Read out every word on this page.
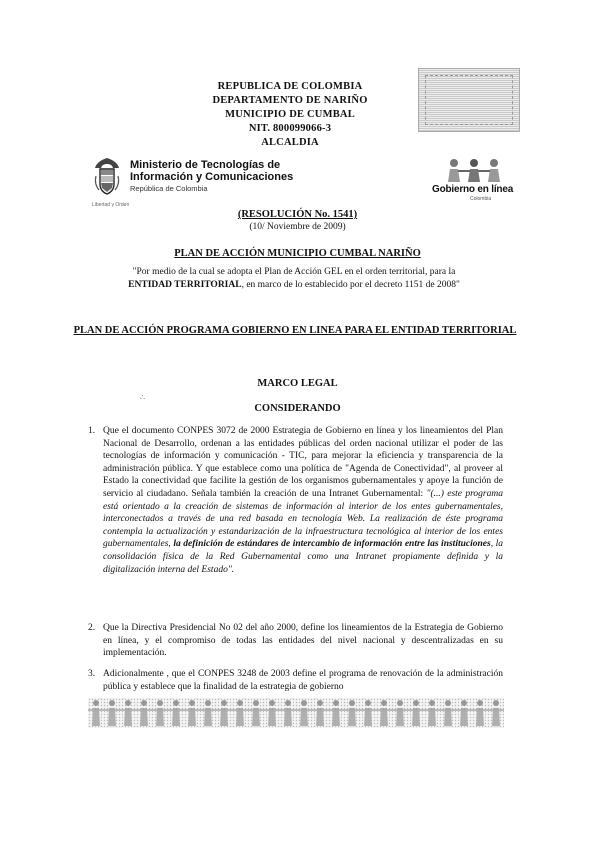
REPUBLICA DE COLOMBIA
DEPARTAMENTO DE NARIÑO
MUNICIPIO DE CUMBAL
NIT. 800099066-3
ALCALDIA
Ministerio de Tecnologías de
Información y Comunicaciones
República de Colombia
Libertad y Orden
Gobierno en línea
Colombia
(RESOLUCIÓN No. 1541)
(10/ Noviembre de 2009)
PLAN DE ACCIÓN MUNICIPIO CUMBAL NARIÑO
"Por medio de la cual se adopta el Plan de Acción GEL en el orden territorial, para la
ENTIDAD TERRITORIAL, en marco de lo establecido por el decreto 1151 de 2008"
PLAN DE ACCIÓN PROGRAMA GOBIERNO EN LINEA PARA EL ENTIDAD TERRITORIAL
∴
MARCO LEGAL
CONSIDERANDO
1. Que el documento CONPES 3072 de 2000 Estrategia de Gobierno en línea y los lineamientos del Plan Nacional de Desarrollo, ordenan a las entidades públicas del orden nacional utilizar el poder de las tecnologías de información y comunicación - TIC, para mejorar la eficiencia y transparencia de la administración pública. Y que establece como una política de "Agenda de Conectividad", al proveer al Estado la conectividad que facilite la gestión de los organismos gubernamentales y apoye la función de servicio al ciudadano. Señala también la creación de una Intranet Gubernamental: "(...) este programa está orientado a la creación de sistemas de información al interior de los entes gubernamentales, interconectados a través de una red basada en tecnología Web. La realización de éste programa contempla la actualización y estandarización de la infraestructura tecnológica al interior de los entes gubernamentales, la definición de estándares de intercambio de información entre las instituciones, la consolidación física de la Red Gubernamental como una Intranet propiamente definida y la digitalización interna del Estado".
2. Que la Directiva Presidencial No 02 del año 2000, define los lineamientos de la Estrategia de Gobierno en línea, y el compromiso de todas las entidades del nivel nacional y descentralizadas en su implementación.
3. Adicionalmente , que el CONPES 3248 de 2003 define el programa de renovación de la administración pública y establece que la finalidad de la estrategia de gobierno
